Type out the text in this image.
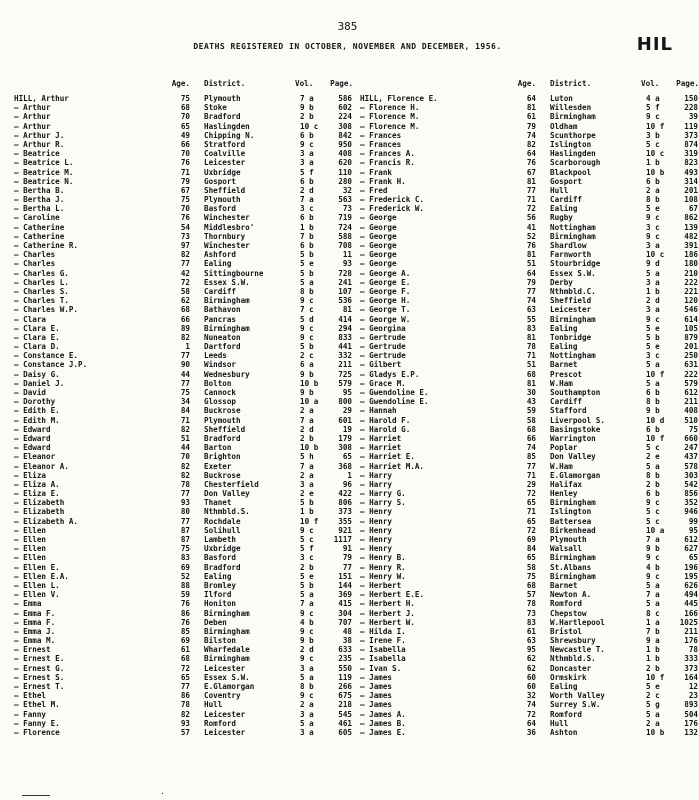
385
DEATHS REGISTERED IN OCTOBER, NOVEMBER AND DECEMBER, 1956.	HIL
Age. District.	Vol.	Page.
HILL, Arthur	75 Plymouth	7 a	586
— Arthur	68 Stoke	9 b	602
— Arthur	70 Bradford	2 b	224
— Arthur	65 Haslingden	10 c	308
— Arthur J.	49 Chipping N.	6 b	842
— Arthur R.	66 Stratford	9 c	950
— Beatrice	70 Coalville	3 a	408
— Beatrice L.	76 Leicester	3 a	620
— Beatrice M.	71 Uxbridge	5 f	110
— Beatrice N.	79 Gosport	6 b	280
— Bertha B.	67 Sheffield	2 d	32
— Bertha J.	75 Plymouth	7 a	563
— Bertha L.	70 Basford	3 c	73
— Caroline	76 Winchester	6 b	719
— Catherine	54 Middlesbro'	1 b	724
— Catherine	73 Thornbury	7 b	588
— Catherine R.	97 Winchester	6 b	708
— Charles	82 Ashford	5 b	11
— Charles	77 Ealing	5 e	93
— Charles G.	42 Sittingbourne	5 b	728
— Charles L.	72 Essex S.W.	5 a	241
— Charles S.	58 Cardiff	8 b	107
— Charles T.	62 Birmingham	9 c	536
— Charles W.P.	68 Bathavon	7 c	81
— Clara	66 Pancras	5 d	414
— Clara E.	89 Birmingham	9 c	294
— Clara E.	82 Nuneaton	9 c	833
— Clara D.	1 Dartford	5 b	441
— Constance E.	77 Leeds	2 c	332
— Constance J.P.	90 Windsor	6 a	211
— Daisy G.	44 Wednesbury	9 b	725
— Daniel J.	77 Bolton	10 b	579
— David	75 Cannock	9 b	95
— Dorothy	34 Glossop	10 a	800
— Edith E.	84 Buckrose	2 a	29
— Edith M.	71 Plymouth	7 a	601
— Edward	82 Sheffield	2 d	19
— Edward	51 Bradford	2 b	179
— Edward	44 Barton	10 b	308
— Eleanor	70 Brighton	5 h	65
— Eleanor A.	82 Exeter	7 a	368
— Eliza	82 Buckrose	2 a	1
— Eliza A.	78 Chesterfield	3 a	96
— Eliza E.	77 Don Valley	2 e	422
— Elizabeth	93 Thanet	5 b	806
— Elizabeth	80 Nthmbld.S.	1 b	373
— Elizabeth A.	77 Rochdale	10 f	355
— Ellen	87 Solihull	9 c	921
— Ellen	87 Lambeth	5 c	1117
— Ellen	75 Uxbridge	5 f	91
— Ellen	83 Basford	3 c	79
— Ellen E.	69 Bradford	2 b	77
— Ellen E.A.	52 Ealing	5 e	151
— Ellen L.	88 Bromley	5 b	144
— Ellen V.	59 Ilford	5 a	369
— Emma	76 Honiton	7 a	415
— Emma F.	86 Birmingham	9 c	304
— Emma F.	76 Deben	4 b	707
— Emma J.	85 Birmingham	9 c	48
— Emma M.	69 Bilston	9 b	38
— Ernest	61 Wharfedale	2 d	633
— Ernest E.	68 Birmingham	9 c	235
— Ernest G.	72 Leicester	3 a	550
— Ernest S.	65 Essex S.W.	5 a	119
— Ernest T.	77 E.Glamorgan	8 b	266
— Ethel	86 Coventry	9 c	675
— Ethel M.	78 Hull	2 a	218
— Fanny	82 Leicester	3 a	545
— Fanny E.	93 Romford	5 a	461
— Florence	57 Leicester	3 a	605
Age. District.	Vol.	Page.
HILL, Florence E.	64 Luton	4 a	150
— Florence H.	81 Willesden	5 f	228
— Florence M.	61 Birmingham	9 c	39
— Florence M.	79 Oldham	10 f	119
— Frances	74 Scunthorpe	3 b	373
— Frances	82 Islington	5 c	874
— Frances A.	64 Haslingden	10 c	319
— Francis R.	76 Scarborough	1 b	823
— Frank	67 Blackpool	10 b	493
— Frank H.	81 Gosport	6 b	314
— Fred	77 Hull	2 a	201
— Frederick C.	71 Cardiff	8 b	108
— Frederick W.	72 Ealing	5 e	67
— George	56 Rugby	9 c	862
— George	41 Nottingham	3 c	139
— George	52 Birmingham	9 c	482
— George	76 Shardlow	3 a	391
— George	81 Farnworth	10 c	186
— George	51 Stourbridge	9 d	180
— George A.	64 Essex S.W.	5 a	210
— George E.	79 Derby	3 a	222
— George F.	77 Nthmbld.C.	1 b	221
— George H.	74 Sheffield	2 d	120
— George T.	63 Leicester	3 a	546
— George W.	55 Birmingham	9 c	614
— Georgina	83 Ealing	5 e	105
— Gertrude	81 Tonbridge	5 b	879
— Gertrude	78 Ealing	5 e	201
— Gertrude	71 Nottingham	3 c	250
— Gilbert	51 Barnet	5 a	631
— Gladys E.P.	68 Prescot	10 f	222
— Grace M.	81 W.Ham	5 a	579
— Gwendoline E.	30 Southampton	6 b	612
— Gwendoline E.	43 Cardiff	8 b	211
— Hannah	59 Stafford	9 b	408
— Harold F.	58 Liverpool S.	10 d	510
— Harold G.	68 Basingstoke	6 b	75
— Harriet	66 Warrington	10 f	660
— Harriet	74 Poplar	5 c	247
— Harriet E.	85 Don Valley	2 e	437
— Harriet M.A.	77 W.Ham	5 a	578
— Harry	71 E.Glamorgan	8 b	303
— Harry	29 Halifax	2 b	542
— Harry G.	72 Henley	6 b	856
— Harry S.	65 Birmingham	9 c	352
— Henry	71 Islington	5 c	946
— Henry	65 Battersea	5 c	99
— Henry	72 Birkenhead	10 a	95
— Henry	69 Plymouth	7 a	612
— Henry	84 Walsall	9 b	627
— Henry B.	65 Birmingham	9 c	65
— Henry R.	58 St.Albans	4 b	196
— Henry W.	75 Birmingham	9 c	195
— Herbert	68 Barnet	5 a	626
— Herbert E.E.	57 Newton A.	7 a	494
— Herbert H.	78 Romford	5 a	445
— Herbert J.	73 Chepstow	8 c	166
— Herbert W.	83 W.Hartlepool	1 a	1025
— Hilda I.	61 Bristol	7 b	211
— Irene F.	63 Shrewsbury	9 a	176
— Isabella	95 Newcastle T.	1 b	78
— Isabella	62 Nthmbld.S.	1 b	333
— Ivan S.	62 Doncaster	2 b	373
— James	60 Ormskirk	10 f	164
— James	60 Ealing	5 e	12
— James	32 Worth Valley	2 c	23
— James	74 Surrey S.W.	5 g	893
— James A.	72 Romford	5 a	504
— James B.	64 Hull	2 a	176
— James E.	36 Ashton	10 b	132
·
